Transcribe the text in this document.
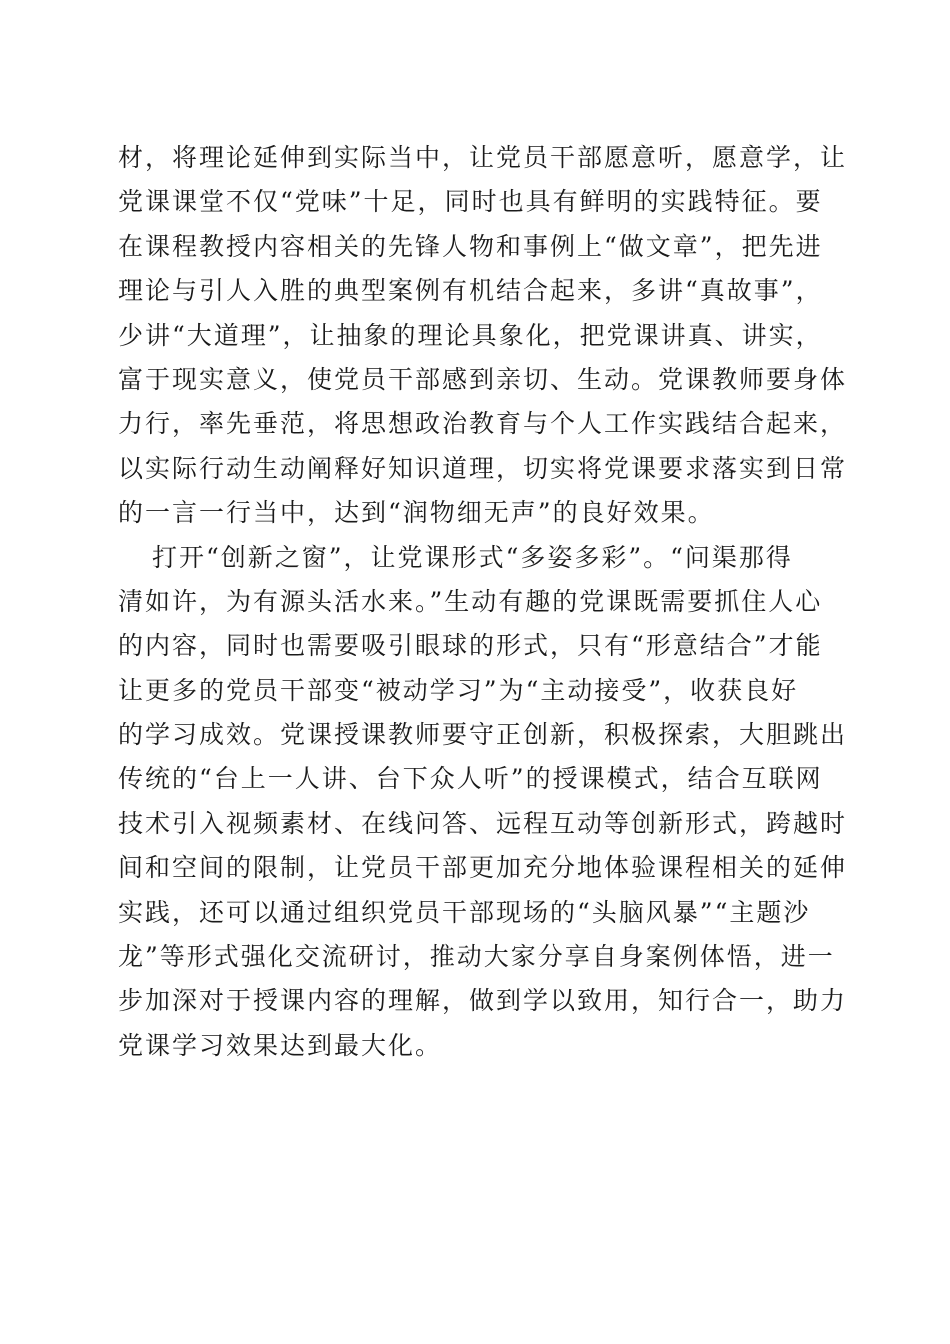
材，将理论延伸到实际当中，让党员干部愿意听，愿意学，让
党课课堂不仅“党味”十足，同时也具有鲜明的实践特征。要
在课程教授内容相关的先锋人物和事例上“做文章”，把先进
理论与引人入胜的典型案例有机结合起来，多讲“真故事”，
少讲“大道理”，让抽象的理论具象化，把党课讲真、讲实，
富于现实意义，使党员干部感到亲切、生动。党课教师要身体
力行，率先垂范，将思想政治教育与个人工作实践结合起来，
以实际行动生动阐释好知识道理，切实将党课要求落实到日常
的一言一行当中，达到“润物细无声”的良好效果。
打开“创新之窗”，让党课形式“多姿多彩”。“问渠那得
清如许，为有源头活水来。”生动有趣的党课既需要抓住人心
的内容，同时也需要吸引眼球的形式，只有“形意结合”才能
让更多的党员干部变“被动学习”为“主动接受”，收获良好
的学习成效。党课授课教师要守正创新，积极探索，大胆跳出
传统的“台上一人讲、台下众人听”的授课模式，结合互联网
技术引入视频素材、在线问答、远程互动等创新形式，跨越时
间和空间的限制，让党员干部更加充分地体验课程相关的延伸
实践，还可以通过组织党员干部现场的“头脑风暴”“主题沙
龙”等形式强化交流研讨，推动大家分享自身案例体悟，进一
步加深对于授课内容的理解，做到学以致用，知行合一，助力
党课学习效果达到最大化。
